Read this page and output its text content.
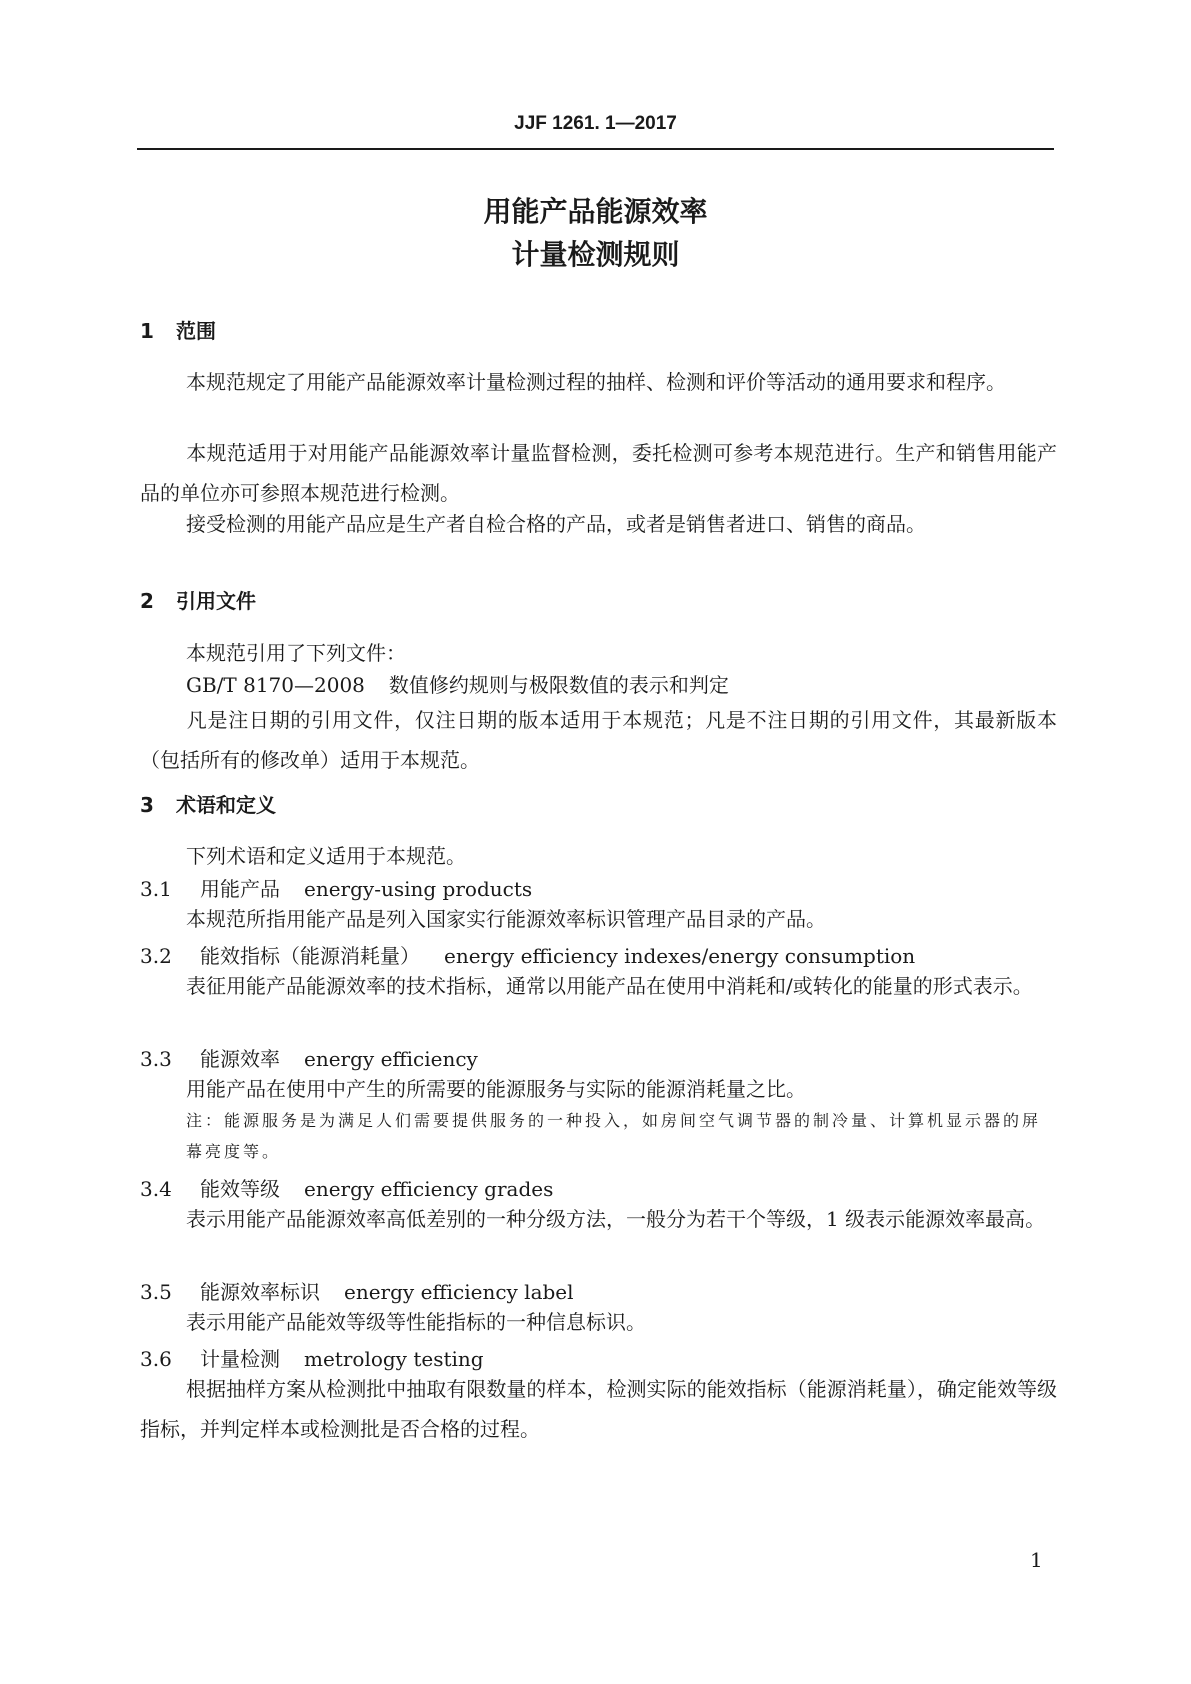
JJF 1261. 1—2017
用能产品能源效率
计量检测规则
1 范围
本规范规定了用能产品能源效率计量检测过程的抽样、检测和评价等活动的通用要求和程序。
本规范适用于对用能产品能源效率计量监督检测，委托检测可参考本规范进行。生产和销售用能产品的单位亦可参照本规范进行检测。
接受检测的用能产品应是生产者自检合格的产品，或者是销售者进口、销售的商品。
2 引用文件
本规范引用了下列文件：
GB/T 8170—2008 数值修约规则与极限数值的表示和判定
凡是注日期的引用文件，仅注日期的版本适用于本规范；凡是不注日期的引用文件，其最新版本（包括所有的修改单）适用于本规范。
3 术语和定义
下列术语和定义适用于本规范。
3.1 用能产品 energy-using products
本规范所指用能产品是列入国家实行能源效率标识管理产品目录的产品。
3.2 能效指标（能源消耗量） energy efficiency indexes/energy consumption
表征用能产品能源效率的技术指标，通常以用能产品在使用中消耗和/或转化的能量的形式表示。
3.3 能源效率 energy efficiency
用能产品在使用中产生的所需要的能源服务与实际的能源消耗量之比。
注：能源服务是为满足人们需要提供服务的一种投入，如房间空气调节器的制冷量、计算机显示器的屏幕亮度等。
3.4 能效等级 energy efficiency grades
表示用能产品能源效率高低差别的一种分级方法，一般分为若干个等级，1 级表示能源效率最高。
3.5 能源效率标识 energy efficiency label
表示用能产品能效等级等性能指标的一种信息标识。
3.6 计量检测 metrology testing
根据抽样方案从检测批中抽取有限数量的样本，检测实际的能效指标（能源消耗量），确定能效等级指标，并判定样本或检测批是否合格的过程。
1
